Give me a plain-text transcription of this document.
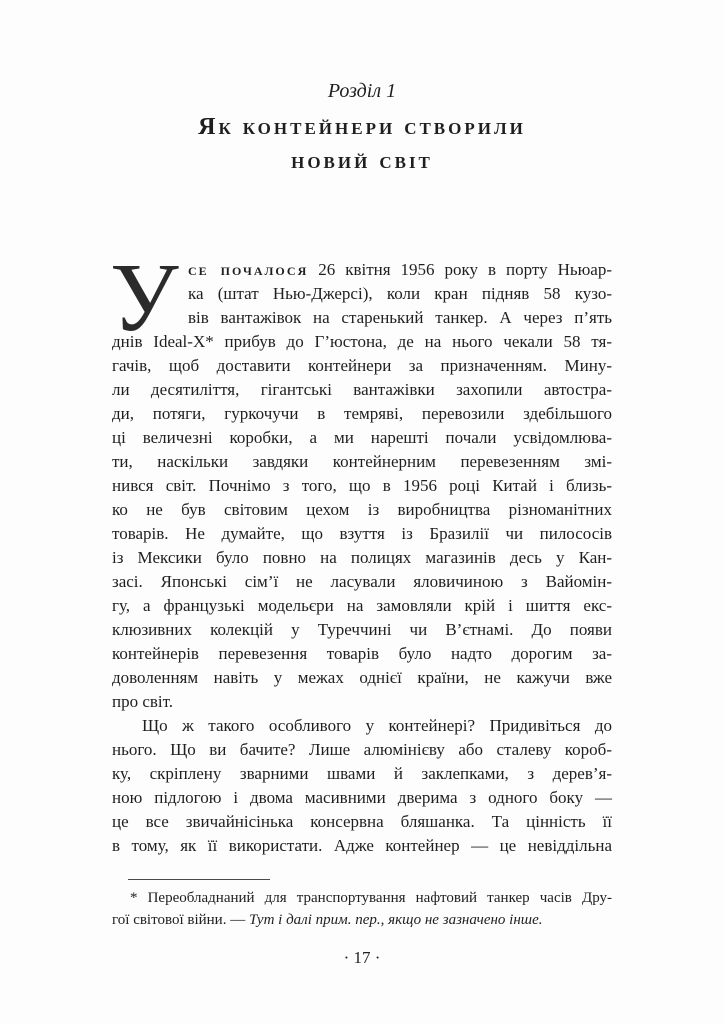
Розділ 1
Як контейнери створили
новий світ
У се почалося 26 квітня 1956 року в порту Ньюар-
ка (штат Нью-Джерсі), коли кран підняв 58 кузо-
вів вантажівок на старенький танкер. А через п’ять
днів Ideal-X* прибув до Г’юстона, де на нього чекали 58 тя-
гачів, щоб доставити контейнери за призначенням. Мину-
ли десятиліття, гігантські вантажівки захопили автостра-
ди, потяги, гуркочучи в темряві, перевозили здебільшого
ці величезні коробки, а ми нарешті почали усвідомлюва-
ти, наскільки завдяки контейнерним перевезенням змі-
нився світ. Почнімо з того, що в 1956 році Китай і близь-
ко не був світовим цехом із виробництва різноманітних
товарів. Не думайте, що взуття із Бразилії чи пилососів
із Мексики було повно на полицях магазинів десь у Кан-
засі. Японські сім’ї не ласували яловичиною з Вайомін-
гу, а французькі модельєри на замовляли крій і шиття екс-
клюзивних колекцій у Туреччині чи В’єтнамі. До появи
контейнерів перевезення товарів було надто дорогим за-
доволенням навіть у межах однієї країни, не кажучи вже
про світ.
Що ж такого особливого у контейнері? Придивіться до
нього. Що ви бачите? Лише алюмінієву або сталеву короб-
ку, скріплену зварними швами й заклепками, з дерев’я-
ною підлогою і двома масивними дверима з одного боку —
це все звичайнісінька консервна бляшанка. Та цінність її
в тому, як її використати. Адже контейнер — це невіддільна
* Переобладнаний для транспортування нафтовий танкер часів Дру-
гої світової війни. — Тут і далі прим. пер., якщо не зазначено інше.
· 17 ·
